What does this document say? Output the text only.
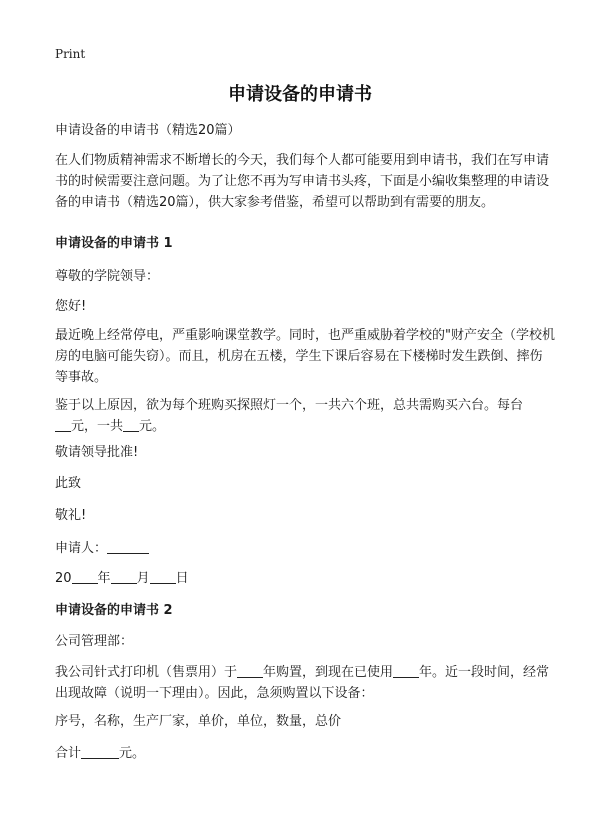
Print
申请设备的申请书
申请设备的申请书（精选20篇）
在人们物质精神需求不断增长的今天，我们每个人都可能要用到申请书，我们在写申请书的时候需要注意问题。为了让您不再为写申请书头疼，下面是小编收集整理的申请设备的申请书（精选20篇），供大家参考借鉴，希望可以帮助到有需要的朋友。
申请设备的申请书 1
尊敬的学院领导：
您好!
最近晚上经常停电，严重影响课堂教学。同时，也严重威胁着学校的"财产安全（学校机房的电脑可能失窃）。而且，机房在五楼，学生下课后容易在下楼梯时发生跌倒、摔伤等事故。
鉴于以上原因，欲为每个班购买探照灯一个，一共六个班，总共需购买六台。每台
元，一共 元。
敬请领导批准!
此致
敬礼!
申请人：
20 年 月 日
申请设备的申请书 2
公司管理部：
我公司针式打印机（售票用）于 年购置，到现在已使用 年。近一段时间，经常出现故障（说明一下理由）。因此，急须购置以下设备：
序号，名称，生产厂家，单价，单位，数量，总价
合计	元。
